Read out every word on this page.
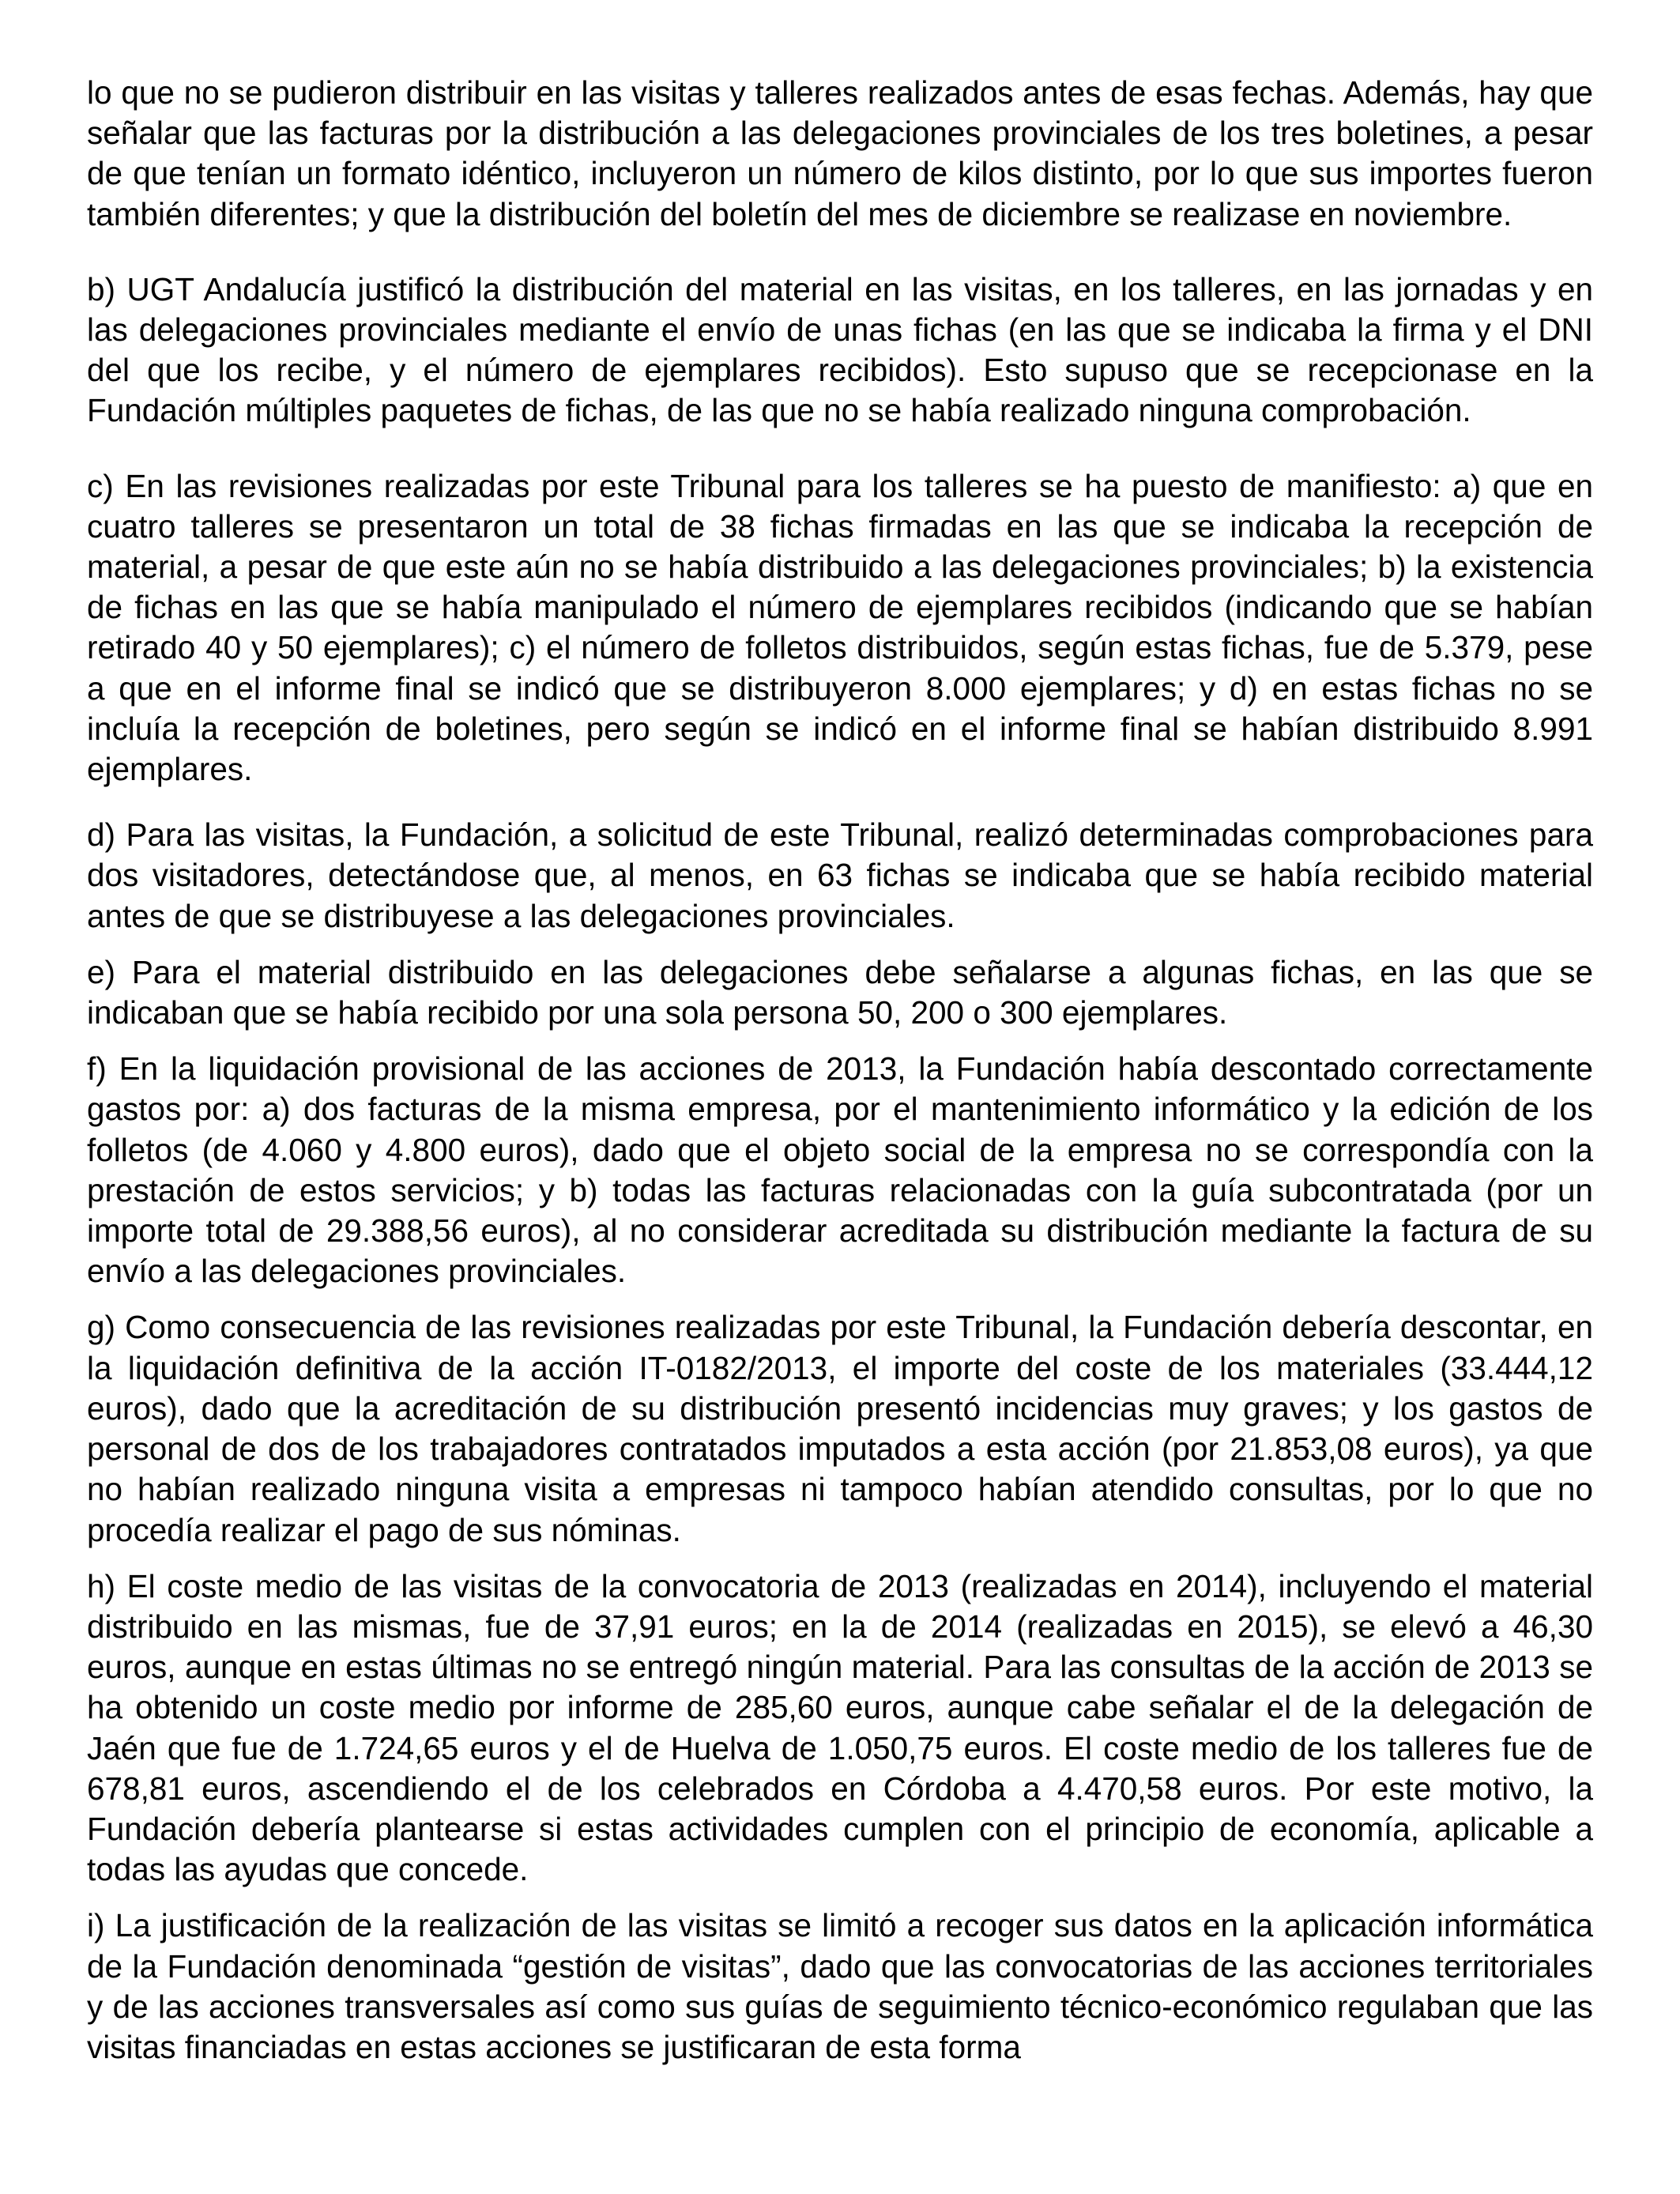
lo que no se pudieron distribuir en las visitas y talleres realizados antes de esas fechas. Además, hay que señalar que las facturas por la distribución a las delegaciones provinciales de los tres boletines, a pesar de que tenían un formato idéntico, incluyeron un número de kilos distinto, por lo que sus importes fueron también diferentes; y que la distribución del boletín del mes de diciembre se realizase en noviembre.

b) UGT Andalucía justificó la distribución del material en las visitas, en los talleres, en las jornadas y en las delegaciones provinciales mediante el envío de unas fichas (en las que se indicaba la firma y el DNI del que los recibe, y el número de ejemplares recibidos). Esto supuso que se recepcionase en la Fundación múltiples paquetes de fichas, de las que no se había realizado ninguna comprobación.

c) En las revisiones realizadas por este Tribunal para los talleres se ha puesto de manifiesto: a) que en cuatro talleres se presentaron un total de 38 fichas firmadas en las que se indicaba la recepción de material, a pesar de que este aún no se había distribuido a las delegaciones provinciales; b) la existencia de fichas en las que se había manipulado el número de ejemplares recibidos (indicando que se habían retirado 40 y 50 ejemplares); c) el número de folletos distribuidos, según estas fichas, fue de 5.379, pese a que en el informe final se indicó que se distribuyeron 8.000 ejemplares; y d) en estas fichas no se incluía la recepción de boletines, pero según se indicó en el informe final se habían distribuido 8.991 ejemplares.

d) Para las visitas, la Fundación, a solicitud de este Tribunal, realizó determinadas comprobaciones para dos visitadores, detectándose que, al menos, en 63 fichas se indicaba que se había recibido material antes de que se distribuyese a las delegaciones provinciales.

e) Para el material distribuido en las delegaciones debe señalarse a algunas fichas, en las que se indicaban que se había recibido por una sola persona 50, 200 o 300 ejemplares.

f) En la liquidación provisional de las acciones de 2013, la Fundación había descontado correctamente gastos por: a) dos facturas de la misma empresa, por el mantenimiento informático y la edición de los folletos (de 4.060 y 4.800 euros), dado que el objeto social de la empresa no se correspondía con la prestación de estos servicios; y b) todas las facturas relacionadas con la guía subcontratada (por un importe total de 29.388,56 euros), al no considerar acreditada su distribución mediante la factura de su envío a las delegaciones provinciales.

g) Como consecuencia de las revisiones realizadas por este Tribunal, la Fundación debería descontar, en la liquidación definitiva de la acción IT-0182/2013, el importe del coste de los materiales (33.444,12 euros), dado que la acreditación de su distribución presentó incidencias muy graves; y los gastos de personal de dos de los trabajadores contratados imputados a esta acción (por 21.853,08 euros), ya que no habían realizado ninguna visita a empresas ni tampoco habían atendido consultas, por lo que no procedía realizar el pago de sus nóminas.

h) El coste medio de las visitas de la convocatoria de 2013 (realizadas en 2014), incluyendo el material distribuido en las mismas, fue de 37,91 euros; en la de 2014 (realizadas en 2015), se elevó a 46,30 euros, aunque en estas últimas no se entregó ningún material. Para las consultas de la acción de 2013 se ha obtenido un coste medio por informe de 285,60 euros, aunque cabe señalar el de la delegación de Jaén que fue de 1.724,65 euros y el de Huelva de 1.050,75 euros. El coste medio de los talleres fue de 678,81 euros, ascendiendo el de los celebrados en Córdoba a 4.470,58 euros. Por este motivo, la Fundación debería plantearse si estas actividades cumplen con el principio de economía, aplicable a todas las ayudas que concede.

i) La justificación de la realización de las visitas se limitó a recoger sus datos en la aplicación informática de la Fundación denominada “gestión de visitas”, dado que las convocatorias de las acciones territoriales y de las acciones transversales así como sus guías de seguimiento técnico-económico regulaban que las visitas financiadas en estas acciones se justificaran de esta forma
